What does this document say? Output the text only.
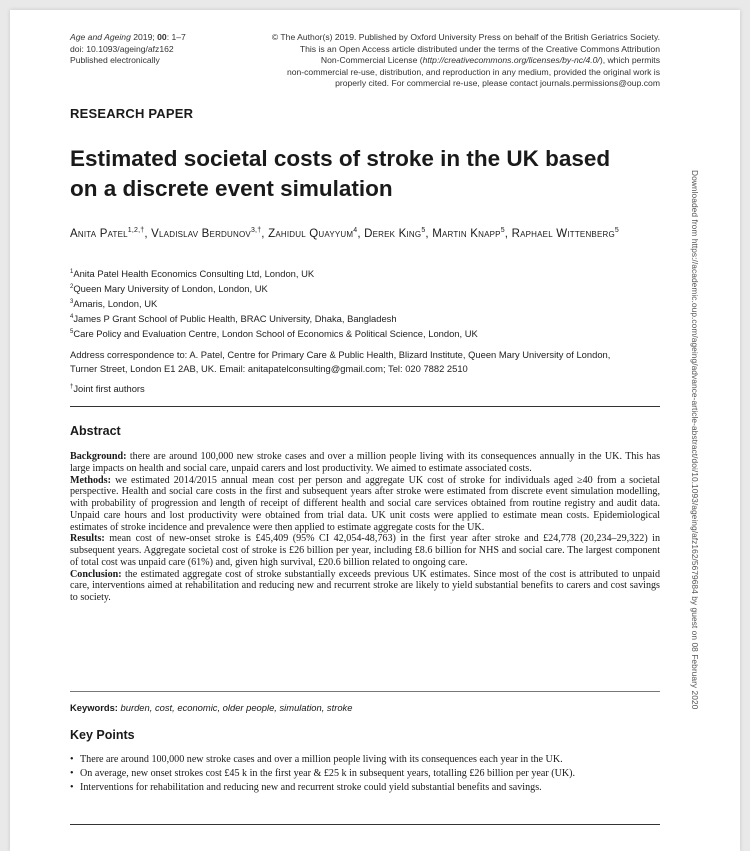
Age and Ageing 2019; 00: 1–7
doi: 10.1093/ageing/afz162
Published electronically
© The Author(s) 2019. Published by Oxford University Press on behalf of the British Geriatrics Society.
This is an Open Access article distributed under the terms of the Creative Commons Attribution
Non-Commercial License (http://creativecommons.org/licenses/by-nc/4.0/), which permits
non-commercial re-use, distribution, and reproduction in any medium, provided the original work is
properly cited. For commercial re-use, please contact journals.permissions@oup.com
RESEARCH PAPER
Estimated societal costs of stroke in the UK based on a discrete event simulation
Anita Patel$^{1,2,\dagger}$, Vladislav Berdunov$^{3,\dagger}$, Zahidul Quayyum$^4$, Derek King$^5$, Martin Knapp$^5$, Raphael Wittenberg$^5$
$^1$Anita Patel Health Economics Consulting Ltd, London, UK
$^2$Queen Mary University of London, London, UK
$^3$Amaris, London, UK
$^4$James P Grant School of Public Health, BRAC University, Dhaka, Bangladesh
$^5$Care Policy and Evaluation Centre, London School of Economics & Political Science, London, UK
Address correspondence to: A. Patel, Centre for Primary Care & Public Health, Blizard Institute, Queen Mary University of London, Turner Street, London E1 2AB, UK. Email: anitapatelconsulting@gmail.com; Tel: 020 7882 2510
†Joint first authors
Abstract

Background: there are around 100,000 new stroke cases and over a million people living with its consequences annually in the UK. This has large impacts on health and social care, unpaid carers and lost productivity. We aimed to estimate associated costs.

Methods: we estimated 2014/2015 annual mean cost per person and aggregate UK cost of stroke for individuals aged ≥40 from a societal perspective. Health and social care costs in the first and subsequent years after stroke were estimated from discrete event simulation modelling, with probability of progression and length of receipt of different health and social care services obtained from routine registry and audit data. Unpaid care hours and lost productivity were obtained from trial data. UK unit costs were applied to estimate mean costs. Epidemiological estimates of stroke incidence and prevalence were then applied to estimate aggregate costs for the UK.

Results: mean cost of new-onset stroke is £45,409 (95% CI 42,054-48,763) in the first year after stroke and £24,778 (20,234–29,322) in subsequent years. Aggregate societal cost of stroke is £26 billion per year, including £8.6 billion for NHS and social care. The largest component of total cost was unpaid care (61%) and, given high survival, £20.6 billion related to ongoing care.

Conclusion: the estimated aggregate cost of stroke substantially exceeds previous UK estimates. Since most of the cost is attributed to unpaid care, interventions aimed at rehabilitation and reducing new and recurrent stroke are likely to yield substantial benefits to carers and cost savings to society.

Keywords: burden, cost, economic, older people, simulation, stroke
Key Points
• There are around 100,000 new stroke cases and over a million people living with its consequences each year in the UK.
• On average, new onset strokes cost £45 k in the first year & £25 k in subsequent years, totalling £26 billion per year (UK).
• Interventions for rehabilitation and reducing new and recurrent stroke could yield substantial benefits and savings.
Downloaded from https://academic.oup.com/ageing/advance-article-abstract/doi/10.1093/ageing/afz162/5679684 by guest on 08 February 2020
